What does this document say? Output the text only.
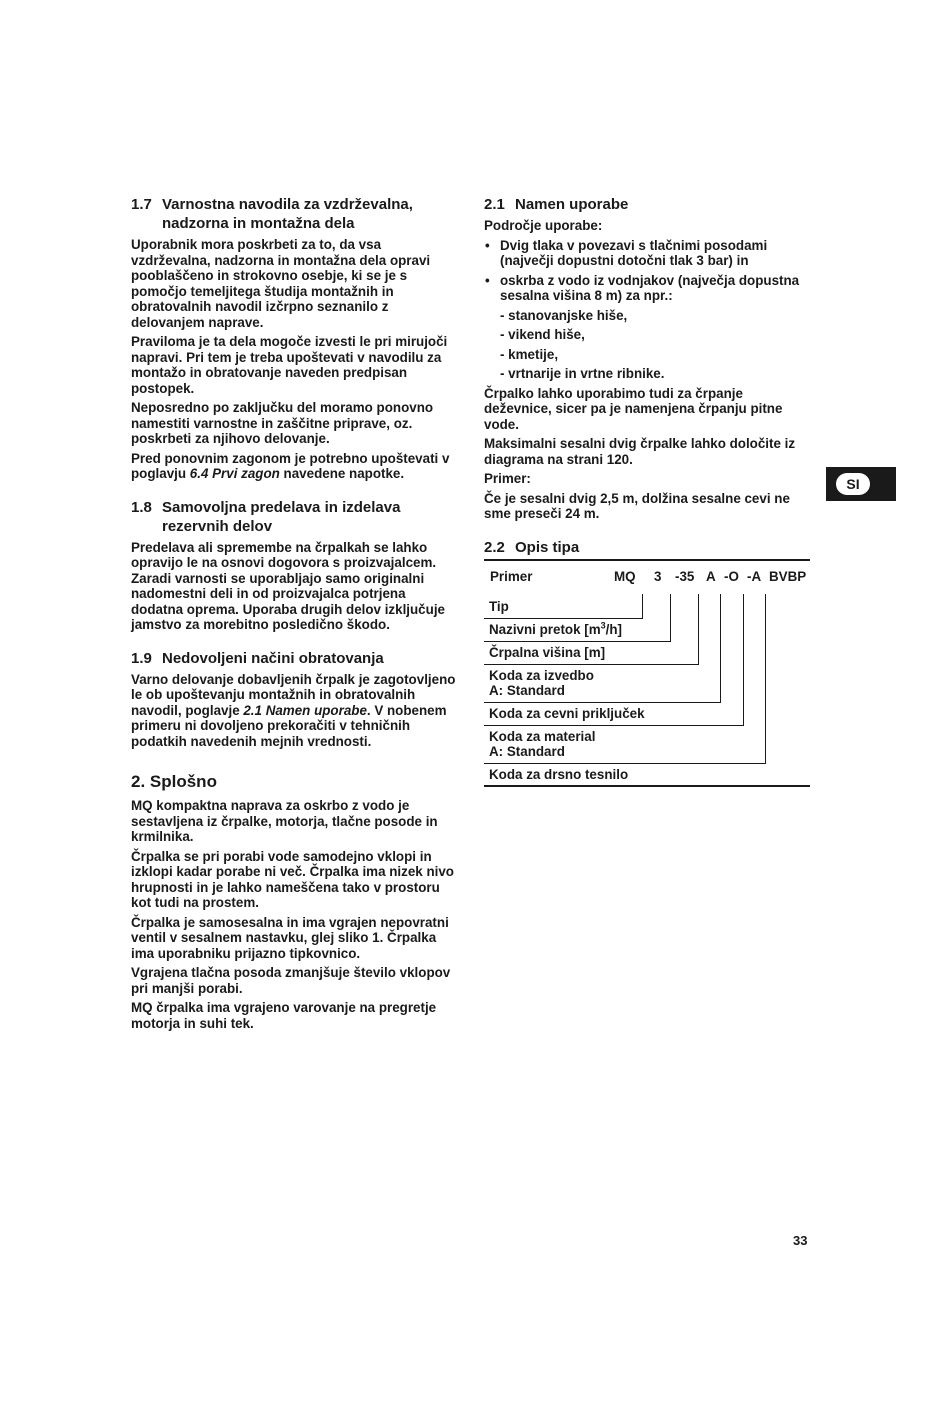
1.7 Varnostna navodila za vzdrževalna,
nadzorna in montažna dela

Uporabnik mora poskrbeti za to, da vsa vzdrževalna, nadzorna in montažna dela opravi pooblaščeno in strokovno osebje, ki se je s pomočjo temeljitega študija montažnih in obratovalnih navodil izčrpno seznanilo z delovanjem naprave.

Praviloma je ta dela mogoče izvesti le pri mirujoči napravi. Pri tem je treba upoštevati v navodilu za montažo in obratovanje naveden predpisan postopek.

Neposredno po zaključku del moramo ponovno namestiti varnostne in zaščitne priprave, oz. poskrbeti za njihovo delovanje.

Pred ponovnim zagonom je potrebno upoštevati v poglavju 6.4 Prvi zagon navedene napotke.

1.8 Samovoljna predelava in izdelava
rezervnih delov

Predelava ali spremembe na črpalkah se lahko opravijo le na osnovi dogovora s proizvajalcem. Zaradi varnosti se uporabljajo samo originalni nadomestni deli in od proizvajalca potrjena dodatna oprema. Uporaba drugih delov izključuje jamstvo za morebitno posledično škodo.

1.9 Nedovoljeni načini obratovanja

Varno delovanje dobavljenih črpalk je zagotovljeno le ob upoštevanju montažnih in obratovalnih navodil, poglavje 2.1 Namen uporabe. V nobenem primeru ni dovoljeno prekoračiti v tehničnih podatkih navedenih mejnih vrednosti.

2. Splošno

MQ kompaktna naprava za oskrbo z vodo je sestavljena iz črpalke, motorja, tlačne posode in krmilnika.

Črpalka se pri porabi vode samodejno vklopi in izklopi kadar porabe ni več. Črpalka ima nizek nivo hrupnosti in je lahko nameščena tako v prostoru kot tudi na prostem.

Črpalka je samosesalna in ima vgrajen nepovratni ventil v sesalnem nastavku, glej sliko 1. Črpalka ima uporabniku prijazno tipkovnico.

Vgrajena tlačna posoda zmanjšuje število vklopov pri manjši porabi.

MQ črpalka ima vgrajeno varovanje na pregretje motorja in suhi tek.

2.1 Namen uporabe

Področje uporabe:

• Dvig tlaka v povezavi s tlačnimi posodami (največji dopustni dotočni tlak 3 bar) in
• oskrba z vodo iz vodnjakov (največja dopustna sesalna višina 8 m) za npr.:
- stanovanjske hiše,
- vikend hiše,
- kmetije,
- vrtnarije in vrtne ribnike.

Črpalko lahko uporabimo tudi za črpanje deževnice, sicer pa je namenjena črpanju pitne vode.

Maksimalni sesalni dvig črpalke lahko določite iz diagrama na strani 120.

Primer:

Če je sesalni dvig 2,5 m, dolžina sesalne cevi ne sme preseči 24 m.

2.2 Opis tipa
Primer	MQ 3 -35 A -O -A BVBP
Tip
Nazivni pretok $[m^3/h]$
Črpalna višina [m]
Koda za izvedbo
A: Standard
Koda za cevni priključek
Koda za material
A: Standard
Koda za drsno tesnilo
SI
33
